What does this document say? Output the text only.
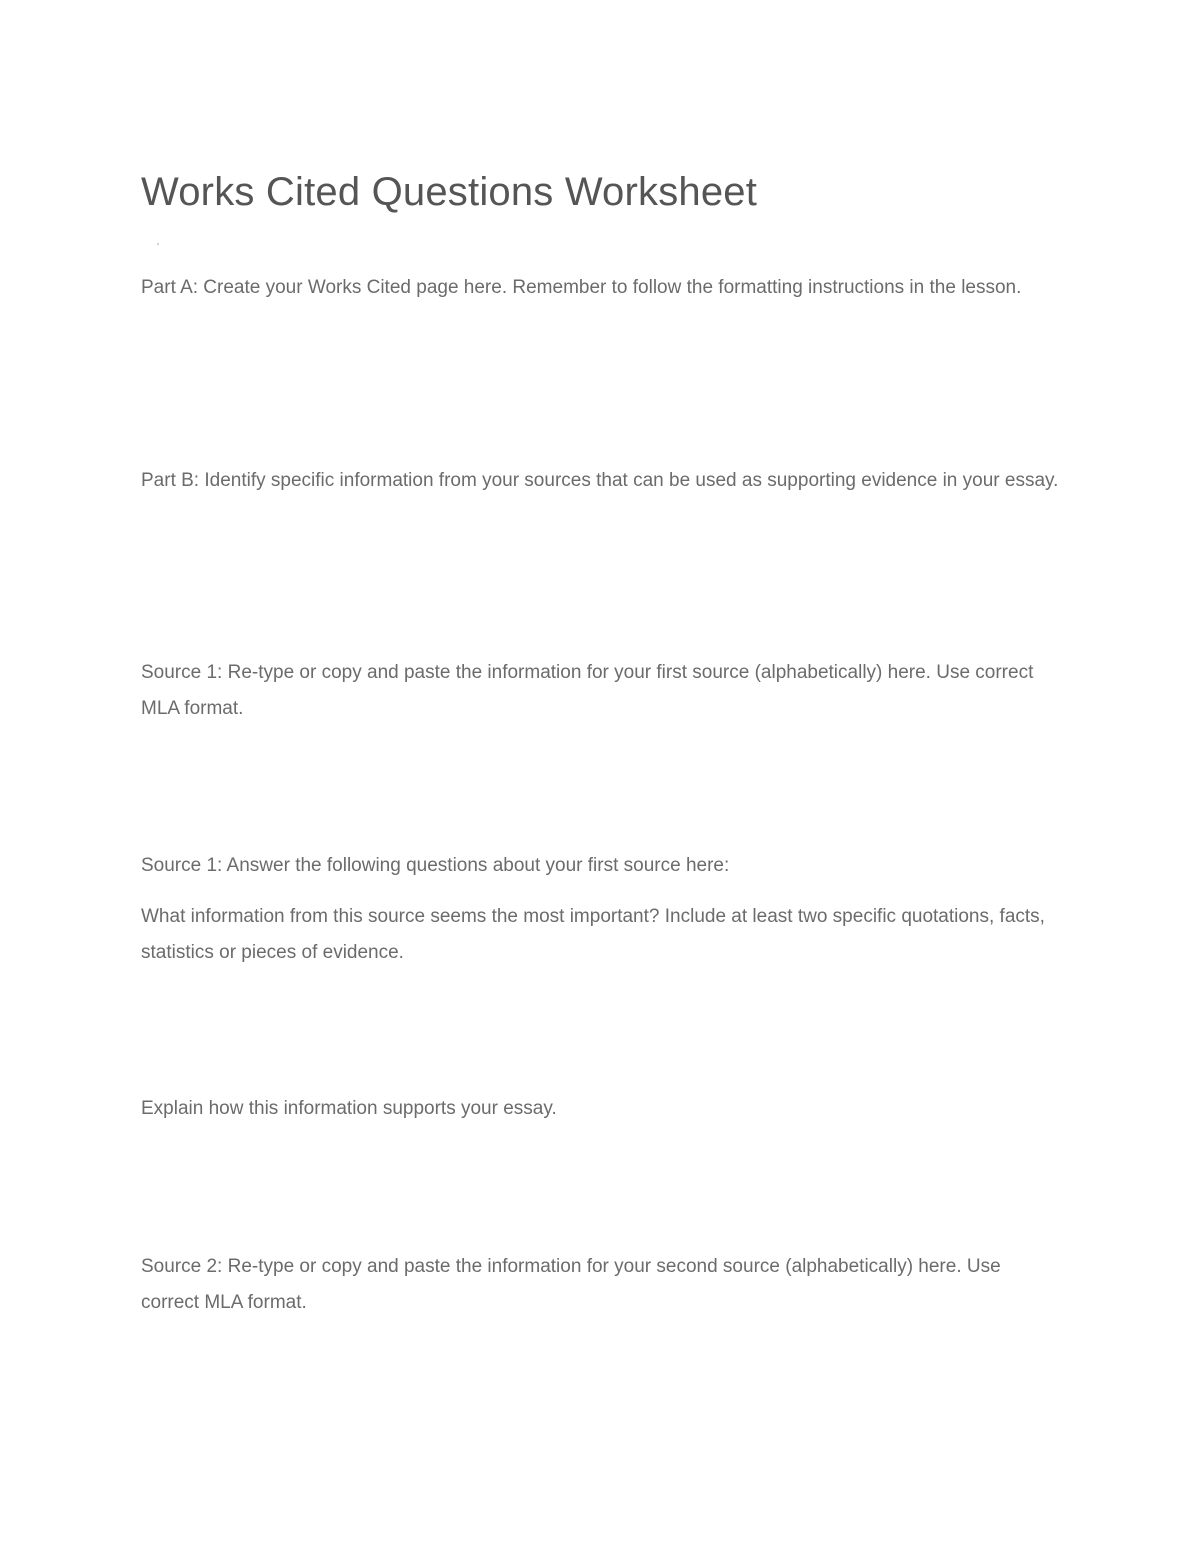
Works Cited Questions Worksheet
'

Part A: Create your Works Cited page here. Remember to follow the formatting instructions in the lesson.

Part B: Identify specific information from your sources that can be used as supporting evidence in your essay.

Source 1: Re-type or copy and paste the information for your first source (alphabetically) here. Use correct MLA format.

Source 1: Answer the following questions about your first source here:

What information from this source seems the most important? Include at least two specific quotations, facts, statistics or pieces of evidence.

Explain how this information supports your essay.

Source 2: Re-type or copy and paste the information for your second source (alphabetically) here. Use correct MLA format.
